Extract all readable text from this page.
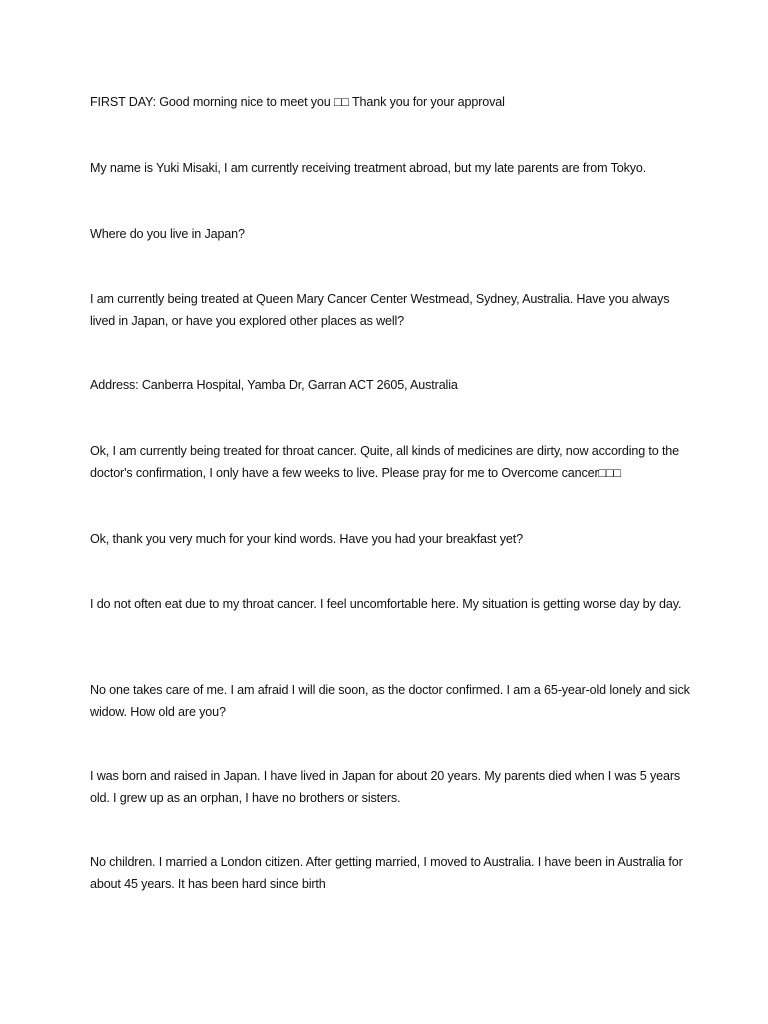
FIRST DAY: Good morning nice to meet you □□ Thank you for your approval

My name is Yuki Misaki, I am currently receiving treatment abroad, but my late parents are from Tokyo.

Where do you live in Japan?

I am currently being treated at Queen Mary Cancer Center Westmead, Sydney, Australia. Have you always lived in Japan, or have you explored other places as well?

Address: Canberra Hospital, Yamba Dr, Garran ACT 2605, Australia

Ok, I am currently being treated for throat cancer. Quite, all kinds of medicines are dirty, now according to the doctor's confirmation, I only have a few weeks to live. Please pray for me to Overcome cancer□□□

Ok, thank you very much for your kind words. Have you had your breakfast yet?

I do not often eat due to my throat cancer. I feel uncomfortable here. My situation is getting worse day by day.

No one takes care of me. I am afraid I will die soon, as the doctor confirmed. I am a 65-year-old lonely and sick widow. How old are you?

I was born and raised in Japan. I have lived in Japan for about 20 years. My parents died when I was 5 years old. I grew up as an orphan, I have no brothers or sisters.

No children. I married a London citizen. After getting married, I moved to Australia. I have been in Australia for about 45 years. It has been hard since birth
